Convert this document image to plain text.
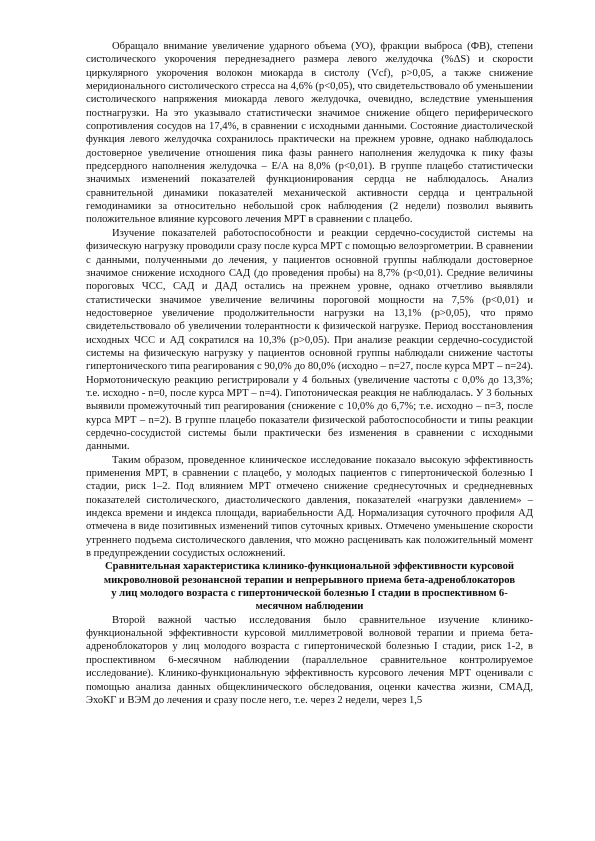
Обращало внимание увеличение ударного объема (УО), фракции выброса (ФВ), степени систолического укорочения переднезаднего размера левого желудочка (%ΔS) и скорости циркулярного укорочения волокон миокарда в систолу (Vcf), p>0,05, а также снижение меридионального систолического стресса на 4,6% (p<0,05), что свидетельствовало об уменьшении систолического напряжения миокарда левого желудочка, очевидно, вследствие уменьшения постнагрузки. На это указывало статистически значимое снижение общего периферического сопротивления сосудов на 17,4%, в сравнении с исходными данными. Состояние диастолической функция левого желудочка сохранилось практически на прежнем уровне, однако наблюдалось достоверное увеличение отношения пика фазы раннего наполнения желудочка к пику фазы предсердного наполнения желудочка – Е/А на 8,0% (p<0,01). В группе плацебо статистически значимых изменений показателей функционирования сердца не наблюдалось. Анализ сравнительной динамики показателей механической активности сердца и центральной гемодинамики за относительно небольшой срок наблюдения (2 недели) позволил выявить положительное влияние курсового лечения МРТ в сравнении с плацебо.

Изучение показателей работоспособности и реакции сердечно-сосудистой системы на физическую нагрузку проводили сразу после курса МРТ с помощью велоэргометрии. В сравнении с данными, полученными до лечения, у пациентов основной группы наблюдали достоверное значимое снижение исходного САД (до проведения пробы) на 8,7% (p<0,01). Средние величины пороговых ЧСС, САД и ДАД остались на прежнем уровне, однако отчетливо выявляли статистически значимое увеличение величины пороговой мощности на 7,5% (p<0,01) и недостоверное увеличение продолжительности нагрузки на 13,1% (p>0,05), что прямо свидетельствовало об увеличении толерантности к физической нагрузке. Период восстановления исходных ЧСС и АД сократился на 10,3% (p>0,05). При анализе реакции сердечно-сосудистой системы на физическую нагрузку у пациентов основной группы наблюдали снижение частоты гипертонического типа реагирования с 90,0% до 80,0% (исходно – n=27, после курса МРТ – n=24). Нормотоническую реакцию регистрировали у 4 больных (увеличение частоты с 0,0% до 13,3%; т.е. исходно - n=0, после курса МРТ – n=4). Гипотоническая реакция не наблюдалась. У 3 больных выявили промежуточный тип реагирования (снижение с 10,0% до 6,7%; т.е. исходно – n=3, после курса МРТ – n=2). В группе плацебо показатели физической работоспособности и типы реакции сердечно-сосудистой системы были практически без изменения в сравнении с исходными данными.

Таким образом, проведенное клиническое исследование показало высокую эффективность применения МРТ, в сравнении с плацебо, у молодых пациентов с гипертонической болезнью I стадии, риск 1–2. Под влиянием МРТ отмечено снижение среднесуточных и среднедневных показателей систолического, диастолического давления, показателей «нагрузки давлением» – индекса времени и индекса площади, вариабельности АД. Нормализация суточного профиля АД отмечена в виде позитивных изменений типов суточных кривых. Отмечено уменьшение скорости утреннего подъема систолического давления, что можно расценивать как положительный момент в предупреждении сосудистых осложнений.

Сравнительная характеристика клинико-функциональной эффективности курсовой микроволновой резонансной терапии и непрерывного приема бета-адреноблокаторов у лиц молодого возраста с гипертонической болезнью I стадии в проспективном 6-месячном наблюдении

Второй важной частью исследования было сравнительное изучение клинико-функциональной эффективности курсовой миллиметровой волновой терапии и приема бета-адреноблокаторов у лиц молодого возраста с гипертонической болезнью I стадии, риск 1-2, в проспективном 6-месячном наблюдении (параллельное сравнительное контролируемое исследование). Клинико-функциональную эффективность курсового лечения МРТ оценивали с помощью анализа данных общеклинического обследования, оценки качества жизни, СМАД, ЭхоКГ и ВЭМ до лечения и сразу после него, т.е. через 2 недели, через 1,5
